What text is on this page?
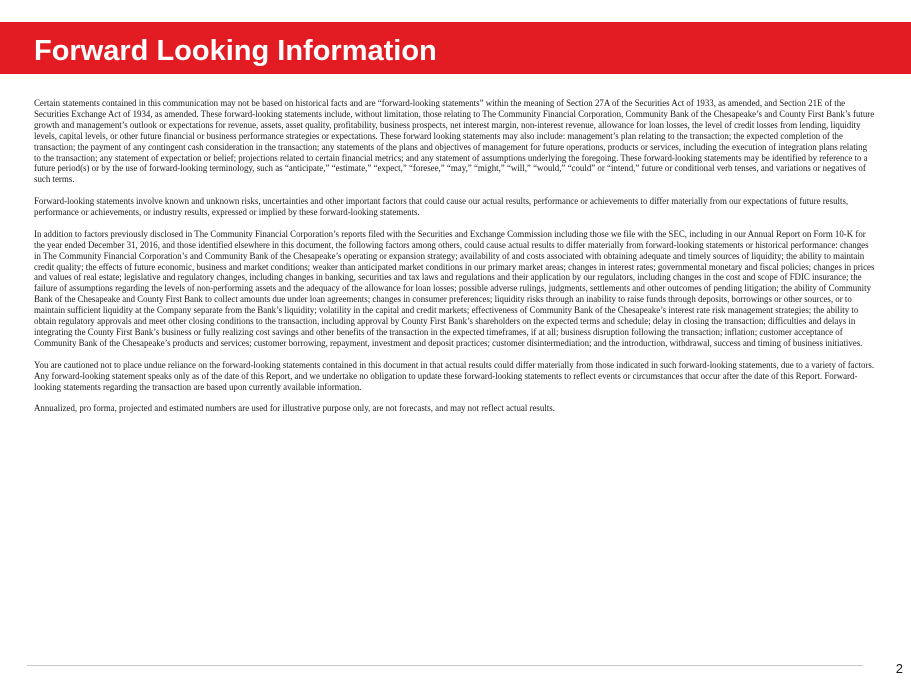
Forward Looking Information

Certain statements contained in this communication may not be based on historical facts and are “forward-looking statements” within the meaning of Section 27A of the Securities Act of 1933, as amended, and Section 21E of the Securities Exchange Act of 1934, as amended. These forward-looking statements include, without limitation, those relating to The Community Financial Corporation, Community Bank of the Chesapeake’s and County First Bank’s future growth and management’s outlook or expectations for revenue, assets, asset quality, profitability, business prospects, net interest margin, non-interest revenue, allowance for loan losses, the level of credit losses from lending, liquidity levels, capital levels, or other future financial or business performance strategies or expectations. These forward looking statements may also include: management’s plan relating to the transaction; the expected completion of the transaction; the payment of any contingent cash consideration in the transaction; any statements of the plans and objectives of management for future operations, products or services, including the execution of integration plans relating to the transaction; any statement of expectation or belief; projections related to certain financial metrics; and any statement of assumptions underlying the foregoing. These forward-looking statements may be identified by reference to a future period(s) or by the use of forward-looking terminology, such as “anticipate,” “estimate,” “expect,” “foresee,” “may,” “might,” “will,” “would,” “could” or “intend,” future or conditional verb tenses, and variations or negatives of such terms.

Forward-looking statements involve known and unknown risks, uncertainties and other important factors that could cause our actual results, performance or achievements to differ materially from our expectations of future results, performance or achievements, or industry results, expressed or implied by these forward-looking statements.

In addition to factors previously disclosed in The Community Financial Corporation’s reports filed with the Securities and Exchange Commission including those we file with the SEC, including in our Annual Report on Form 10-K for the year ended December 31, 2016, and those identified elsewhere in this document, the following factors among others, could cause actual results to differ materially from forward-looking statements or historical performance: changes in The Community Financial Corporation’s and Community Bank of the Chesapeake’s operating or expansion strategy; availability of and costs associated with obtaining adequate and timely sources of liquidity; the ability to maintain credit quality; the effects of future economic, business and market conditions; weaker than anticipated market conditions in our primary market areas; changes in interest rates; governmental monetary and fiscal policies; changes in prices and values of real estate; legislative and regulatory changes, including changes in banking, securities and tax laws and regulations and their application by our regulators, including changes in the cost and scope of FDIC insurance; the failure of assumptions regarding the levels of non-performing assets and the adequacy of the allowance for loan losses; possible adverse rulings, judgments, settlements and other outcomes of pending litigation; the ability of Community Bank of the Chesapeake and County First Bank to collect amounts due under loan agreements; changes in consumer preferences; liquidity risks through an inability to raise funds through deposits, borrowings or other sources, or to maintain sufficient liquidity at the Company separate from the Bank’s liquidity; volatility in the capital and credit markets; effectiveness of Community Bank of the Chesapeake’s interest rate risk management strategies; the ability to obtain regulatory approvals and meet other closing conditions to the transaction, including approval by County First Bank’s shareholders on the expected terms and schedule; delay in closing the transaction; difficulties and delays in integrating the County First Bank’s business or fully realizing cost savings and other benefits of the transaction in the expected timeframes, if at all; business disruption following the transaction; inflation; customer acceptance of Community Bank of the Chesapeake’s products and services; customer borrowing, repayment, investment and deposit practices; customer disintermediation; and the introduction, withdrawal, success and timing of business initiatives.

You are cautioned not to place undue reliance on the forward-looking statements contained in this document in that actual results could differ materially from those indicated in such forward-looking statements, due to a variety of factors. Any forward-looking statement speaks only as of the date of this Report, and we undertake no obligation to update these forward-looking statements to reflect events or circumstances that occur after the date of this Report. Forward-looking statements regarding the transaction are based upon currently available information.

Annualized, pro forma, projected and estimated numbers are used for illustrative purpose only, are not forecasts, and may not reflect actual results.

2
